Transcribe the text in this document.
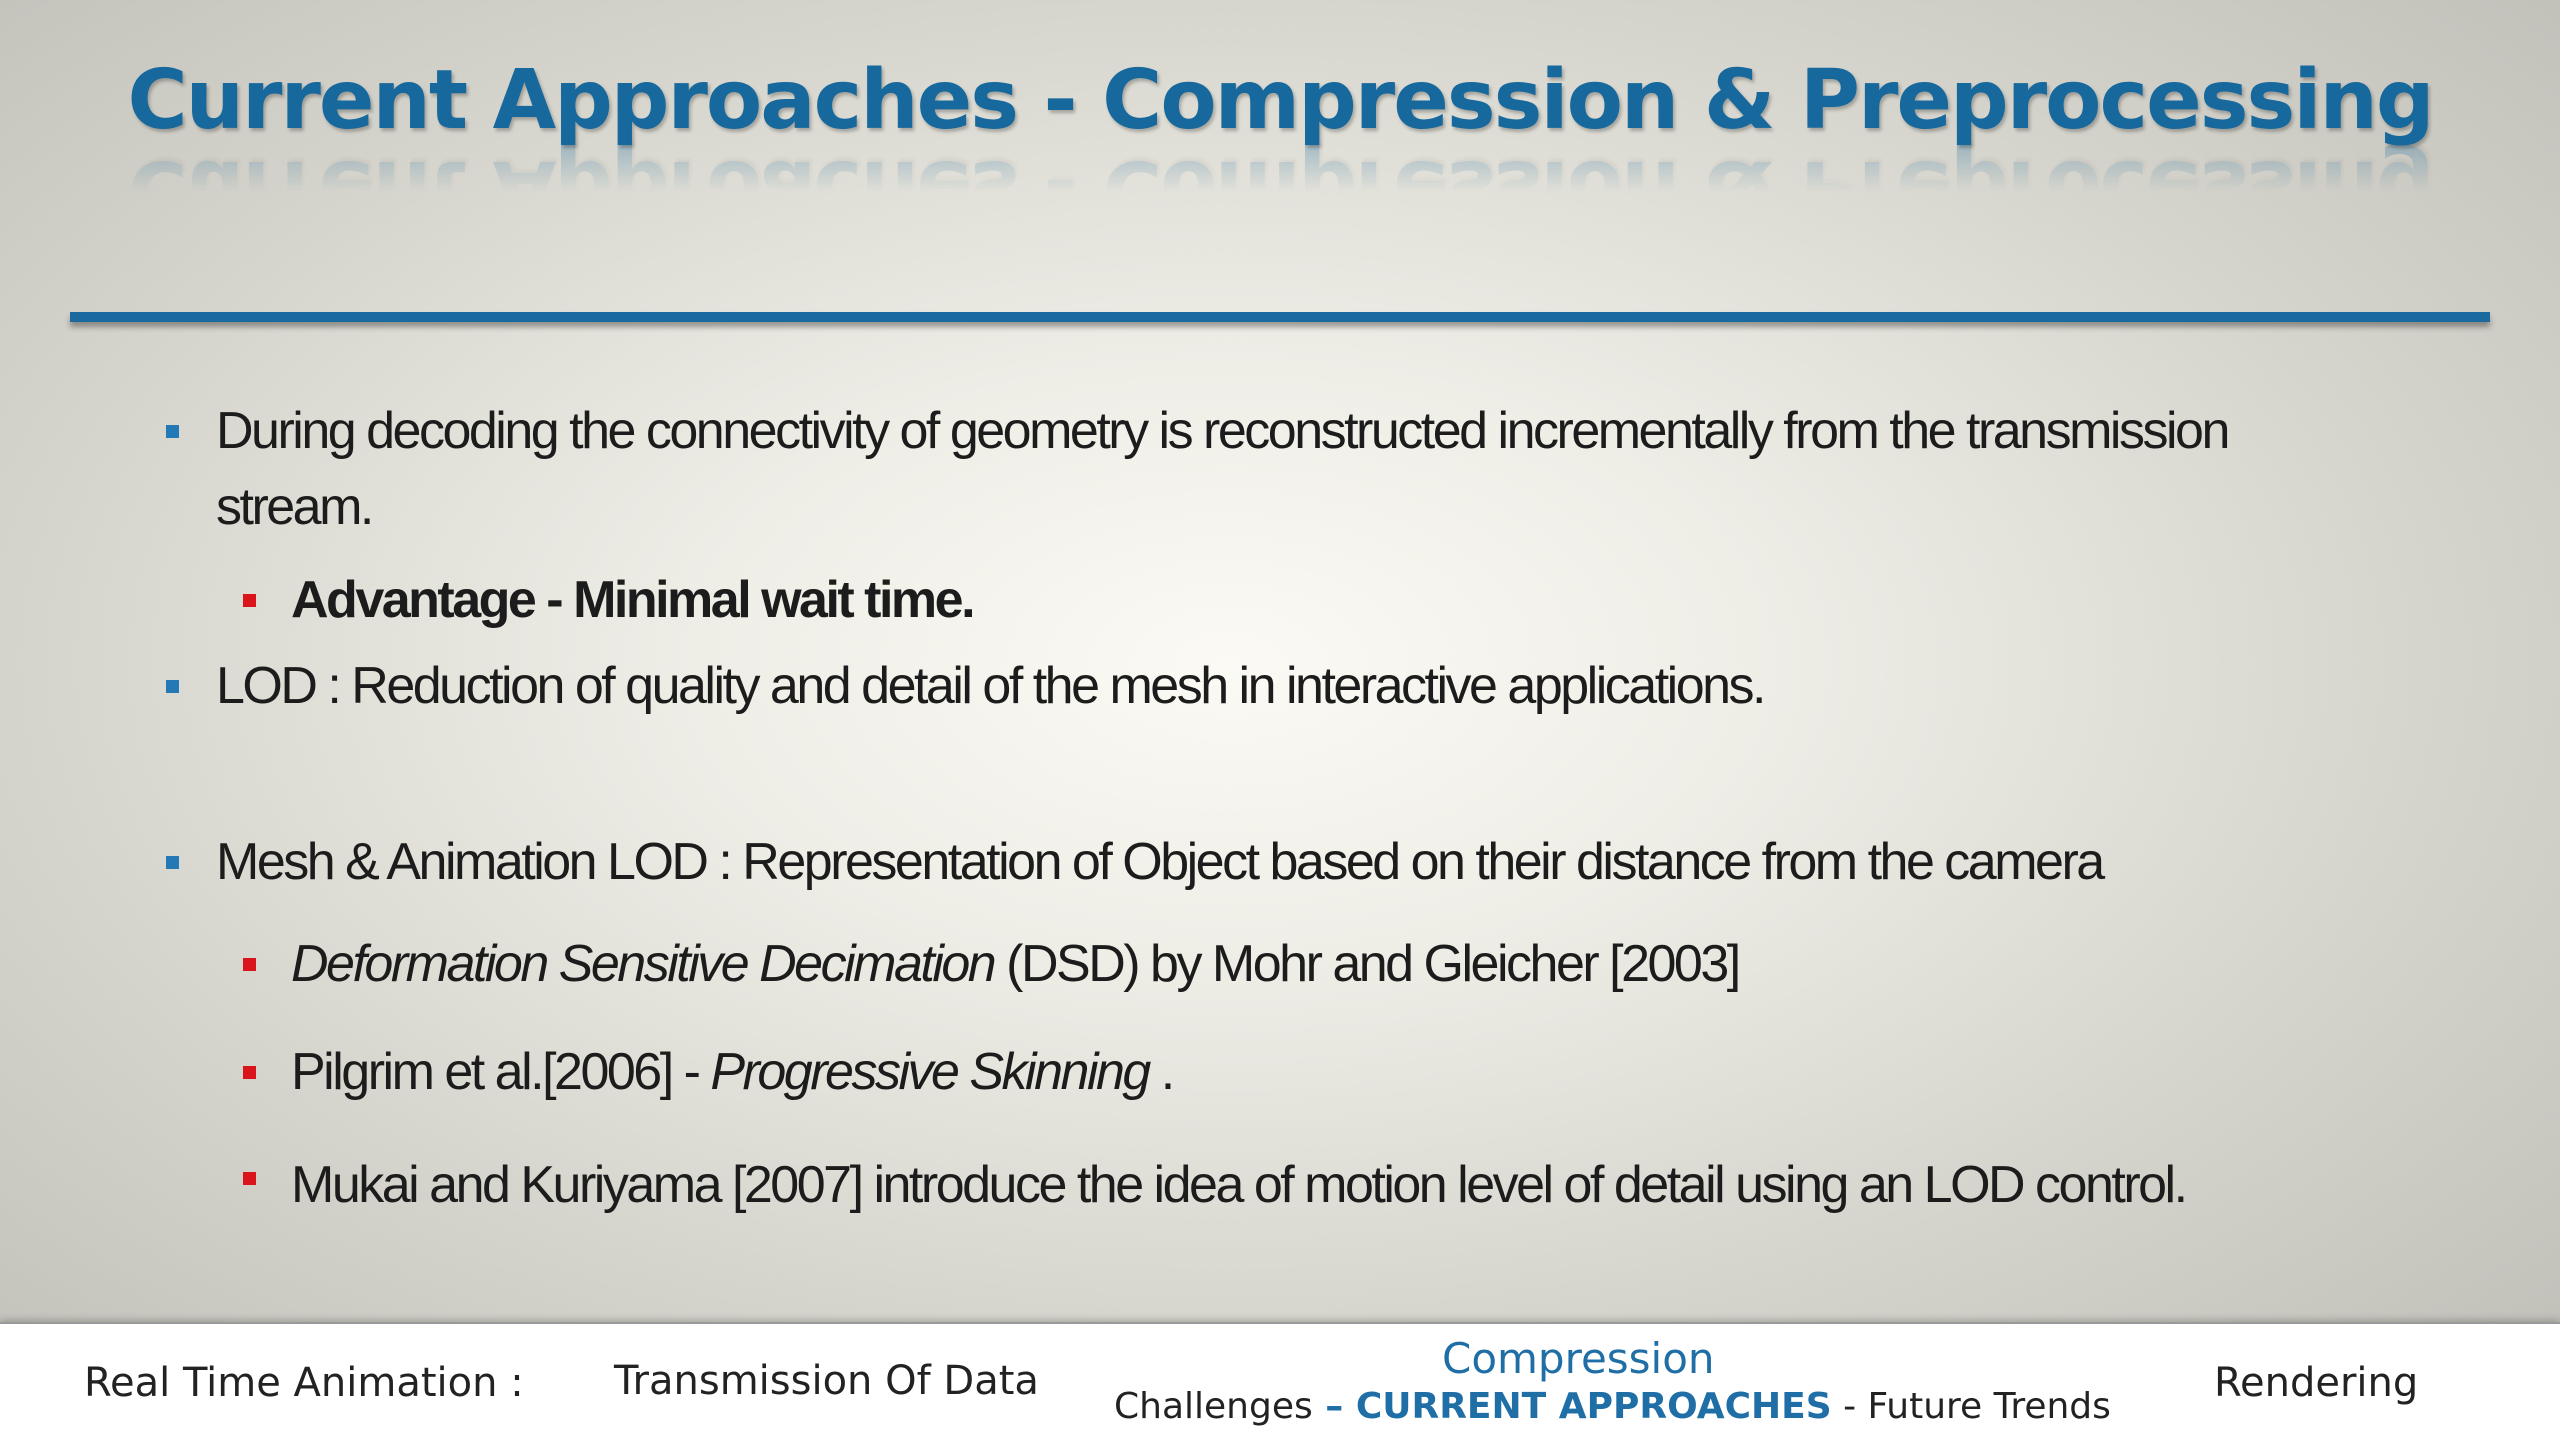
Current Approaches - Compression & Preprocessing
During decoding the connectivity of geometry is reconstructed incrementally from the transmission stream.
Advantage - Minimal wait time.
LOD : Reduction of quality and detail of the mesh in interactive applications.
Mesh & Animation LOD : Representation of Object based on their distance from the camera
Deformation Sensitive Decimation (DSD) by Mohr and Gleicher [2003]
Pilgrim et al.[2006] - Progressive Skinning .
Mukai and Kuriyama [2007] introduce the idea of motion level of detail using an LOD control.
Real Time Animation : Transmission Of Data	Compression
Challenges – CURRENT APPROACHES - Future Trends
Rendering
